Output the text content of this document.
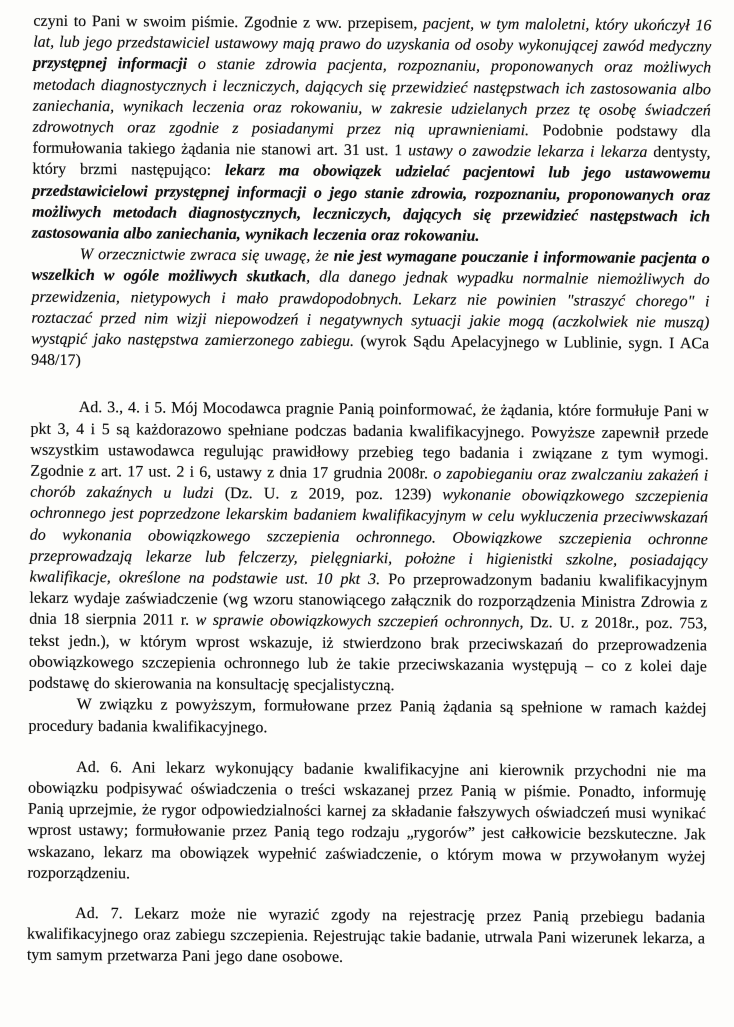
czyni to Pani w swoim piśmie. Zgodnie z ww. przepisem, pacjent, w tym maloletni, który ukończył 16 lat, lub jego przedstawiciel ustawowy mają prawo do uzyskania od osoby wykonującej zawód medyczny przystępnej informacji o stanie zdrowia pacjenta, rozpoznaniu, proponowanych oraz możliwych metodach diagnostycznych i leczniczych, dających się przewidzieć następstwach ich zastosowania albo zaniechania, wynikach leczenia oraz rokowaniu, w zakresie udzielanych przez tę osobę świadczeń zdrowotnych oraz zgodnie z posiadanymi przez nią uprawnieniami. Podobnie podstawy dla formułowania takiego żądania nie stanowi art. 31 ust. 1 ustawy o zawodzie lekarza i lekarza dentysty, który brzmi następująco: lekarz ma obowiązek udzielać pacjentowi lub jego ustawowemu przedstawicielowi przystępnej informacji o jego stanie zdrowia, rozpoznaniu, proponowanych oraz możliwych metodach diagnostycznych, leczniczych, dających się przewidzieć następstwach ich zastosowania albo zaniechania, wynikach leczenia oraz rokowaniu.

W orzecznictwie zwraca się uwagę, że nie jest wymagane pouczanie i informowanie pacjenta o wszelkich w ogóle możliwych skutkach, dla danego jednak wypadku normalnie niemożliwych do przewidzenia, nietypowych i mało prawdopodobnych. Lekarz nie powinien "straszyć chorego" i roztaczać przed nim wizji niepowodzeń i negatywnych sytuacji jakie mogą (aczkolwiek nie muszą) wystąpić jako następstwa zamierzonego zabiegu. (wyrok Sądu Apelacyjnego w Lublinie, sygn. I ACa 948/17)

Ad. 3., 4. i 5. Mój Mocodawca pragnie Panią poinformować, że żądania, które formułuje Pani w pkt 3, 4 i 5 są każdorazowo spełniane podczas badania kwalifikacyjnego. Powyższe zapewnił przede wszystkim ustawodawca regulując prawidłowy przebieg tego badania i związane z tym wymogi. Zgodnie z art. 17 ust. 2 i 6, ustawy z dnia 17 grudnia 2008r. o zapobieganiu oraz zwalczaniu zakażeń i chorób zakaźnych u ludzi (Dz. U. z 2019, poz. 1239) wykonanie obowiązkowego szczepienia ochronnego jest poprzedzone lekarskim badaniem kwalifikacyjnym w celu wykluczenia przeciwwskazań do wykonania obowiązkowego szczepienia ochronnego. Obowiązkowe szczepienia ochronne przeprowadzają lekarze lub felczerzy, pielęgniarki, położne i higienistki szkolne, posiadający kwalifikacje, określone na podstawie ust. 10 pkt 3. Po przeprowadzonym badaniu kwalifikacyjnym lekarz wydaje zaświadczenie (wg wzoru stanowiącego załącznik do rozporządzenia Ministra Zdrowia z dnia 18 sierpnia 2011 r. w sprawie obowiązkowych szczepień ochronnych, Dz. U. z 2018r., poz. 753, tekst jedn.), w którym wprost wskazuje, iż stwierdzono brak przeciwskazań do przeprowadzenia obowiązkowego szczepienia ochronnego lub że takie przeciwskazania występują – co z kolei daje podstawę do skierowania na konsultację specjalistyczną.

W związku z powyższym, formułowane przez Panią żądania są spełnione w ramach każdej procedury badania kwalifikacyjnego.

Ad. 6. Ani lekarz wykonujący badanie kwalifikacyjne ani kierownik przychodni nie ma obowiązku podpisywać oświadczenia o treści wskazanej przez Panią w piśmie. Ponadto, informuję Panią uprzejmie, że rygor odpowiedzialności karnej za składanie fałszywych oświadczeń musi wynikać wprost ustawy; formułowanie przez Panią tego rodzaju „rygorów” jest całkowicie bezskuteczne. Jak wskazano, lekarz ma obowiązek wypełnić zaświadczenie, o którym mowa w przywołanym wyżej rozporządzeniu.

Ad. 7. Lekarz może nie wyrazić zgody na rejestrację przez Panią przebiegu badania kwalifikacyjnego oraz zabiegu szczepienia. Rejestrując takie badanie, utrwala Pani wizerunek lekarza, a tym samym przetwarza Pani jego dane osobowe.
